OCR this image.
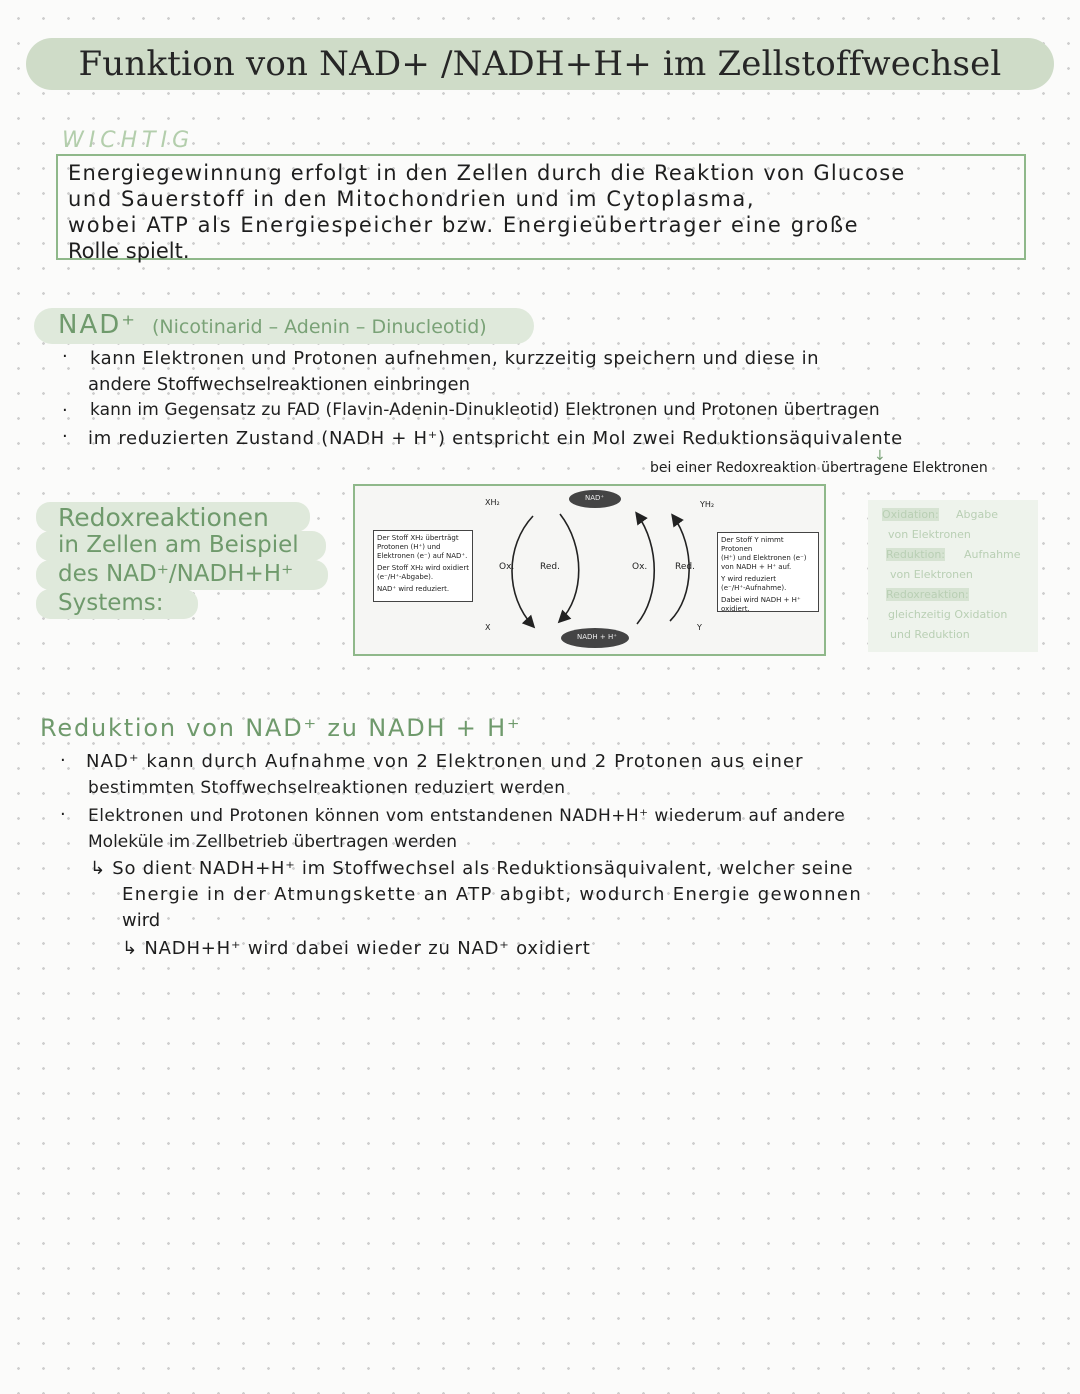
Funktion von NAD+ /NADH+H+ im Zellstoffwechsel
WICHTIG
Energiegewinnung erfolgt in den Zellen durch die Reaktion von Glucose
und Sauerstoff in den Mitochondrien und im Cytoplasma,
wobei ATP als Energiespeicher bzw. Energieübertrager eine große
Rolle spielt.
NAD⁺ (Nicotinarid – Adenin – Dinucleotid)
· kann Elektronen und Protonen aufnehmen, kurzzeitig speichern und diese in
andere Stoffwechselreaktionen einbringen
· kann im Gegensatz zu FAD (Flavin-Adenin-Dinukleotid) Elektronen und Protonen übertragen
· im reduzierten Zustand (NADH + H⁺) entspricht ein Mol zwei Reduktionsäquivalente
↓
bei einer Redoxreaktion übertragene Elektronen
Redoxreaktionen
in Zellen am Beispiel
des NAD⁺/NADH+H⁺
Systems:
XH₂
X
YH₂
Y
NAD⁺
NADH + H⁺
Ox.	Red.	Ox.	Red.
Der Stoff XH₂ überträgt
Protonen (H⁺) und
Elektronen (e⁻) auf NAD⁺.
Der Stoff XH₂ wird oxidiert
(e⁻/H⁺-Abgabe).
NAD⁺ wird reduziert.
Der Stoff Y nimmt Protonen
(H⁺) und Elektronen (e⁻)
von NADH + H⁺ auf.
Y wird reduziert
(e⁻/H⁺-Aufnahme).
Dabei wird NADH + H⁺
oxidiert.
Oxidation: Abgabe
von Elektronen
Reduktion: Aufnahme
von Elektronen
Redoxreaktion:
gleichzeitig Oxidation
und Reduktion
Reduktion von NAD⁺ zu NADH + H⁺
· NAD⁺ kann durch Aufnahme von 2 Elektronen und 2 Protonen aus einer
bestimmten Stoffwechselreaktionen reduziert werden
· Elektronen und Protonen können vom entstandenen NADH+H⁺ wiederum auf andere
Moleküle im Zellbetrieb übertragen werden
↳ So dient NADH+H⁺ im Stoffwechsel als Reduktionsäquivalent, welcher seine
Energie in der Atmungskette an ATP abgibt, wodurch Energie gewonnen
wird
↳ NADH+H⁺ wird dabei wieder zu NAD⁺ oxidiert
